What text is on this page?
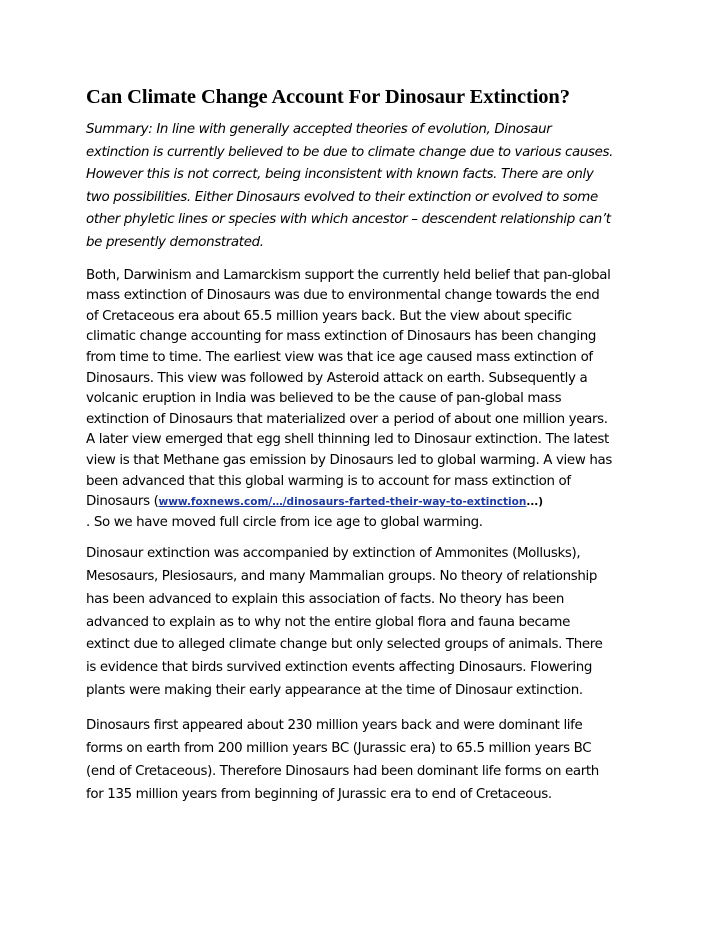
Can Climate Change Account For Dinosaur Extinction?

Summary: In line with generally accepted theories of evolution, Dinosaur
extinction is currently believed to be due to climate change due to various causes.
However this is not correct, being inconsistent with known facts. There are only
two possibilities. Either Dinosaurs evolved to their extinction or evolved to some
other phyletic lines or species with which ancestor – descendent relationship can’t
be presently demonstrated.

Both, Darwinism and Lamarckism support the currently held belief that pan-global
mass extinction of Dinosaurs was due to environmental change towards the end
of Cretaceous era about 65.5 million years back. But the view about specific
climatic change accounting for mass extinction of Dinosaurs has been changing
from time to time. The earliest view was that ice age caused mass extinction of
Dinosaurs. This view was followed by Asteroid attack on earth. Subsequently a
volcanic eruption in India was believed to be the cause of pan-global mass
extinction of Dinosaurs that materialized over a period of about one million years.
A later view emerged that egg shell thinning led to Dinosaur extinction. The latest
view is that Methane gas emission by Dinosaurs led to global warming. A view has
been advanced that this global warming is to account for mass extinction of
Dinosaurs (www.foxnews.com/…/dinosaurs-farted-their-way-to-extinction...)
. So we have moved full circle from ice age to global warming.

Dinosaur extinction was accompanied by extinction of Ammonites (Mollusks),
Mesosaurs, Plesiosaurs, and many Mammalian groups. No theory of relationship
has been advanced to explain this association of facts. No theory has been
advanced to explain as to why not the entire global flora and fauna became
extinct due to alleged climate change but only selected groups of animals. There
is evidence that birds survived extinction events affecting Dinosaurs. Flowering
plants were making their early appearance at the time of Dinosaur extinction.

Dinosaurs first appeared about 230 million years back and were dominant life
forms on earth from 200 million years BC (Jurassic era) to 65.5 million years BC
(end of Cretaceous). Therefore Dinosaurs had been dominant life forms on earth
for 135 million years from beginning of Jurassic era to end of Cretaceous.
